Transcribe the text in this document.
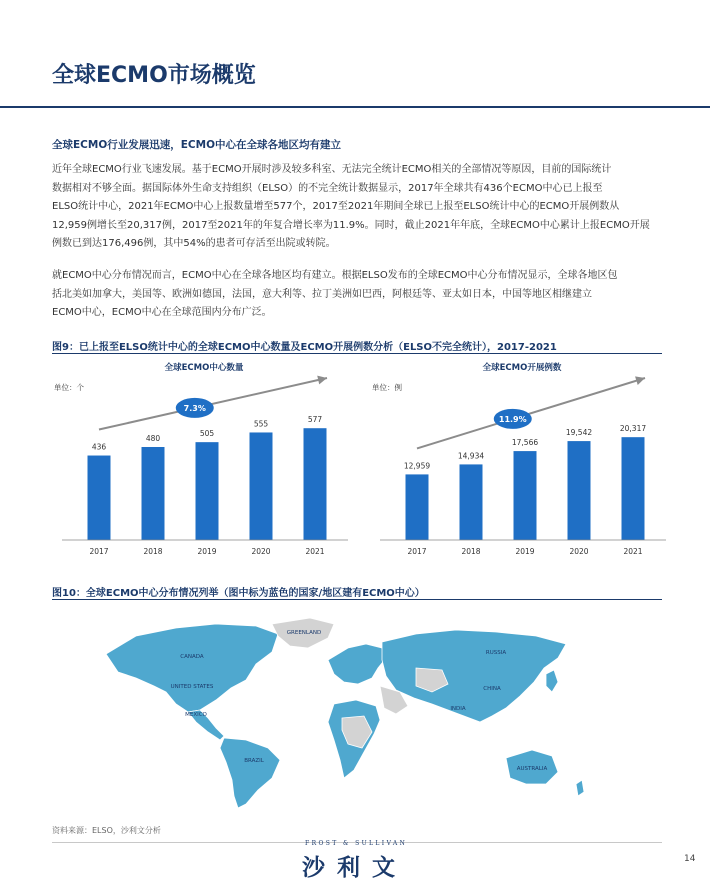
全球ECMO市场概览
全球ECMO行业发展迅速，ECMO中心在全球各地区均有建立
近年全球ECMO行业飞速发展。基于ECMO开展时涉及较多科室、无法完全统计ECMO相关的全部情况等原因，目前的国际统计
数据相对不够全面。据国际体外生命支持组织（ELSO）的不完全统计数据显示，2017年全球共有436个ECMO中心已上报至
ELSO统计中心，2021年ECMO中心上报数量增至577个，2017至2021年期间全球已上报至ELSO统计中心的ECMO开展例数从
12,959例增长至20,317例，2017至2021年的年复合增长率为11.9%。同时，截止2021年年底，全球ECMO中心累计上报ECMO开展
例数已到达176,496例，其中54%的患者可存活至出院或转院。
就ECMO中心分布情况而言，ECMO中心在全球各地区均有建立。根据ELSO发布的全球ECMO中心分布情况显示，全球各地区包
括北美如加拿大，美国等、欧洲如德国，法国，意大利等、拉丁美洲如巴西，阿根廷等、亚太如日本，中国等地区相继建立
ECMO中心，ECMO中心在全球范围内分布广泛。
图9：已上报至ELSO统计中心的全球ECMO中心数量及ECMO开展例数分析（ELSO不完全统计），2017-2021
全球ECMO中心数量
单位：个
436
2017
480
2018
505
2019
555
2020
577
2021
7.3%
全球ECMO开展例数
单位：例
12,959
2017
14,934
2018
17,566
2019
19,542
2020
20,317
2021
11.9%
图10：全球ECMO中心分布情况列举（图中标为蓝色的国家/地区建有ECMO中心）
CANADA
UNITED STATES
MEXICO
GREENLAND
BRAZIL
RUSSIA
CHINA
INDIA
AUSTRALIA
资料来源：ELSO，沙利文分析
FROST & SULLIVAN
沙利文	14
